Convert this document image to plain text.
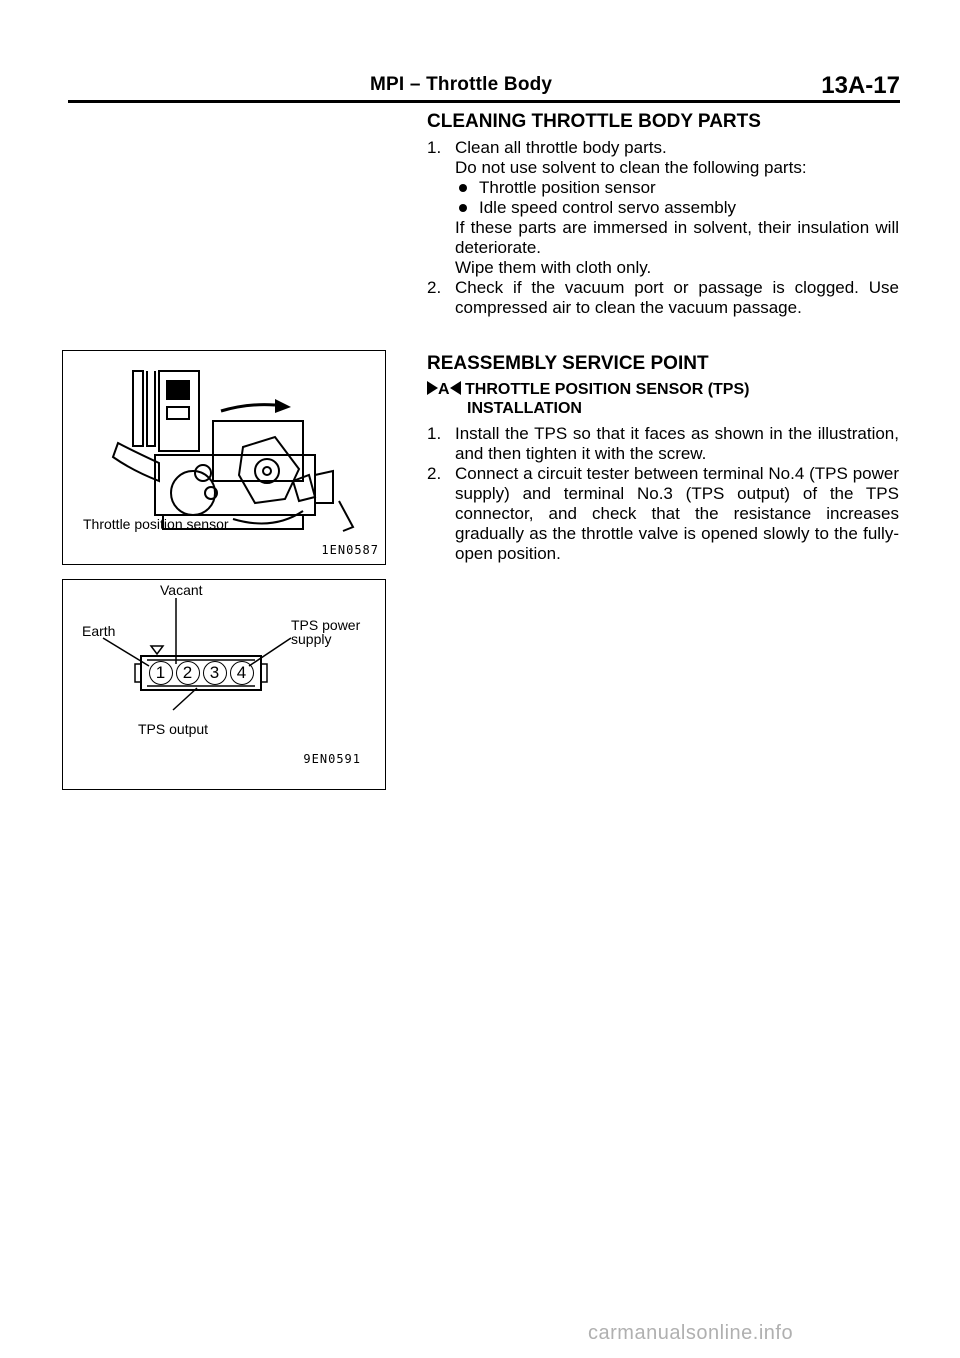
MPI – Throttle Body	13A-17
CLEANING THROTTLE BODY PARTS
1. Clean all throttle body parts.
Do not use solvent to clean the following parts:
Throttle position sensor
Idle speed control servo assembly
If these parts are immersed in solvent, their insulation will deteriorate.
Wipe them with cloth only.
2. Check if the vacuum port or passage is clogged. Use compressed air to clean the vacuum passage.
REASSEMBLY SERVICE POINT
A THROTTLE POSITION SENSOR (TPS)
INSTALLATION
1. Install the TPS so that it faces as shown in the illustration, and then tighten it with the screw.
2. Connect a circuit tester between terminal No.4 (TPS power supply) and terminal No.3 (TPS output) of the TPS connector, and check that the resistance increases gradually as the throttle valve is opened slowly to the fully-open position.
Throttle position sensor
1EN0587
Vacant
Earth	TPS power
supply
1	2	3	4
TPS output
9EN0591
carmanualsonline.info
